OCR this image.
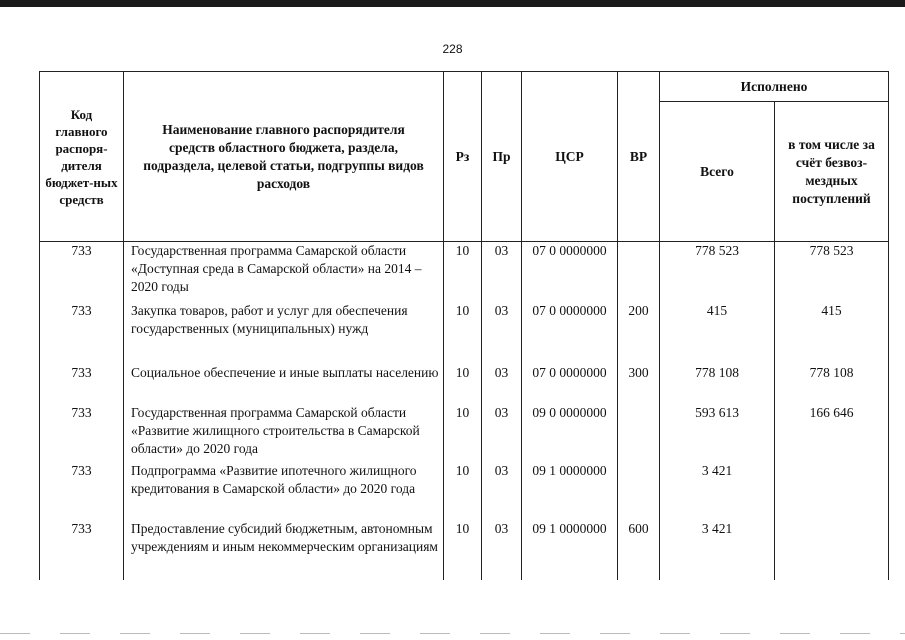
228
Код главного распоря-дителя бюджет-ных средств	Наименование главного распорядителя средств областного бюджета, раздела, подраздела, целевой статьи, подгруппы видов расходов	Рз	Пр	ЦСР	ВР	Исполнено	
						Всего	в том числе за счёт безвоз-мездных поступлений
733	Государственная программа Самарской области «Доступная среда в Самарской области» на 2014 – 2020 годы	10	03	07 0 0000000		778 523	778 523
733	Закупка товаров, работ и услуг для обеспечения государственных (муниципальных) нужд	10	03	07 0 0000000	200	415	415
733	Социальное обеспечение и иные выплаты населению	10	03	07 0 0000000	300	778 108	778 108
733	Государственная программа Самарской области «Развитие жилищного строительства в Самарской области» до 2020 года	10	03	09 0 0000000		593 613	166 646
733	Подпрограмма «Развитие ипотечного жилищного кредитования в Самарской области» до 2020 года	10	03	09 1 0000000		3 421	
733	Предоставление субсидий бюджетным, автономным учреждениям и иным некоммерческим организациям	10	03	09 1 0000000	600	3 421	
